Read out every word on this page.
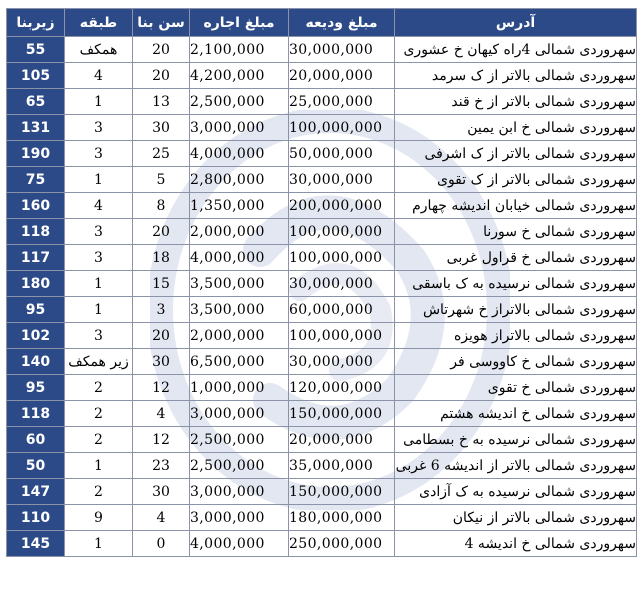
آدرس	مبلغ ودیعه	مبلغ اجاره	سن بنا	طبقه	زیربنا
سهروردی شمالی 4راه کیهان خ عشوری	30,000,000	2,100,000	20	همکف	55
سهروردی شمالی بالاتر از ک سرمد	20,000,000	4,200,000	20	4	105
سهروردی شمالی بالاتر از خ قند	25,000,000	2,500,000	13	1	65
سهروردی شمالی خ ابن یمین	100,000,000	3,000,000	30	3	131
سهروردی شمالی بالاتر از ک اشرفی	50,000,000	4,000,000	25	3	190
سهروردی شمالی بالاتر از ک تقوی	30,000,000	2,800,000	5	1	75
سهروردی شمالی خیابان اندیشه چهارم	200,000,000	1,350,000	8	4	160
سهروردی شمالی خ سورنا	100,000,000	2,000,000	20	3	118
سهروردی شمالی خ قراول غربی	100,000,000	4,000,000	18	3	117
سهروردی شمالی نرسیده به ک باسقی	30,000,000	3,500,000	15	1	180
سهروردی شمالی بالاتراز خ شهرتاش	60,000,000	3,500,000	3	1	95
سهروردی شمالی بالاتراز هویزه	100,000,000	2,000,000	20	3	102
سهروردی شمالی خ کاووسی فر	30,000,000	6,500,000	30	زیر همکف	140
سهروردی شمالی خ تقوی	120,000,000	1,000,000	12	2	95
سهروردی شمالی خ اندیشه هشتم	150,000,000	3,000,000	4	2	118
سهروردی شمالی نرسیده به خ بسطامی	20,000,000	2,500,000	12	2	60
سهروردی شمالی بالاتر از اندیشه 6 غربی	35,000,000	2,500,000	23	1	50
سهروردی شمالی نرسیده به ک آزادی	150,000,000	3,000,000	30	2	147
سهروردی شمالی بالاتر از نیکان	180,000,000	3,000,000	4	9	110
سهروردی شمالی خ اندیشه 4	250,000,000	4,000,000	0	1	145
